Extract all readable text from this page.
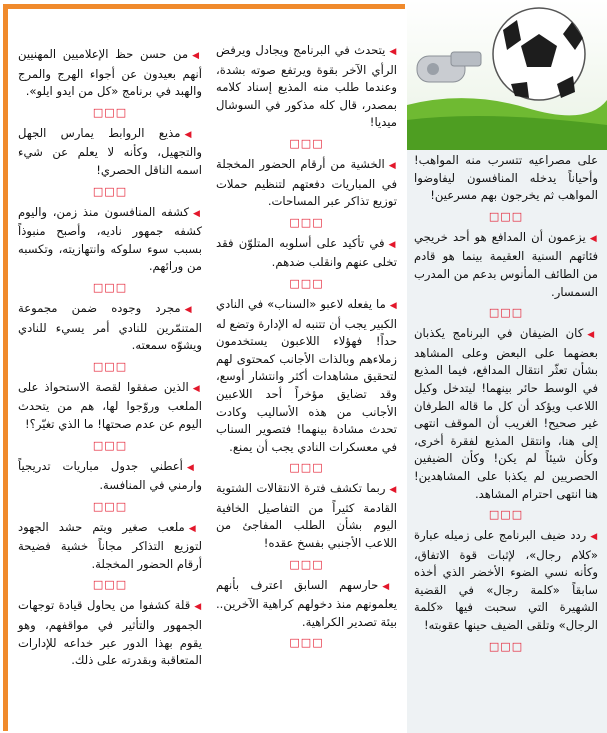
على مصراعيه تتسرب منه المواهب! وأحياناً يدخله المنافسون ليفاوضوا المواهب ثم يخرجون بهم مسرعين!

□□□

◀يزعمون أن المدافع هو أحد خريجي فئاتهم السنية العقيمة بينما هو قادم من الطائف المأنوس بدعم من المدرب السمسار.

□□□

◀كان الضيفان في البرنامج يكذبان بعضهما على البعض وعلى المشاهد بشأن تعثّر انتقال المدافع، فيما المذيع في الوسط حائر بينهما! ليتدخل وكيل اللاعب ويؤكد أن كل ما قاله الطرفان غير صحيح! الغريب أن الموقف انتهى إلى هنا، وانتقل المذيع لفقرة أخرى، وكأن شيئاً لم يكن! وكأن الضيفين الحصريين لم يكذبا على المشاهدين! هنا انتهى احترام المشاهد.

□□□

◀ردد ضيف البرنامج على زميله عبارة «كلام رجال»، لإثبات قوة الاتفاق، وكأنه نسي الضوء الأخضر الذي أخذه سابقاً «كلمة رجال» في القضية الشهيرة التي سحبت فيها «كلمة الرجال» وتلقى الضيف حينها عقوبته!

□□□

◀يتحدث في البرنامج ويجادل ويرفض الرأي الآخر بقوة ويرتفع صوته بشدة، وعندما طلب منه المذيع إسناد كلامه بمصدر، قال كله مذكور في السوشال ميديا!

□□□

◀الخشية من أرقام الحضور المخجلة في المباريات دفعتهم لتنظيم حملات توزيع تذاكر عبر المساحات.

□□□

◀في تأكيد على أسلوبه المتلوّن فقد تخلى عنهم وانقلب ضدهم.

□□□

◀ما يفعله لاعبو «السناب» في النادي الكبير يجب أن تتنبه له الإدارة وتضع له حداً! فهؤلاء اللاعبون يستخدمون زملاءهم وبالذات الأجانب كمحتوى لهم لتحقيق مشاهدات أكثر وانتشار أوسع، وقد تضايق مؤخراً أحد اللاعبين الأجانب من هذه الأساليب وكادت تحدث مشادة بينهما! فتصوير السناب في معسكرات النادي يجب أن يمنع.

□□□

◀ربما تكشف فترة الانتقالات الشتوية القادمة كثيراً من التفاصيل الخافية اليوم بشأن الطلب المفاجئ من اللاعب الأجنبي بفسخ عقده!

□□□

◀حارسهم السابق اعترف بأنهم يعلمونهم منذ دخولهم كراهية الآخرين.. بيئة تصدير الكراهية.

□□□

◀من حسن حظ الإعلاميين المهنيين أنهم بعيدون عن أجواء الهرج والمرج والهبد في برنامج «كل من ايدو ايلو».

□□□

◀مذيع الروابط يمارس الجهل والتجهيل، وكأنه لا يعلم عن شيء اسمه الناقل الحصري!

□□□

◀كشفه المنافسون منذ زمن، واليوم كشفه جمهور ناديه، وأصبح منبوذاً بسبب سوء سلوكه وانتهازيته، وتكسبه من ورائهم.

□□□

◀مجرد وجوده ضمن مجموعة المتنمّرين للنادي أمر يسيء للنادي ويشوّه سمعته.

□□□

◀الذين صفقوا لقصة الاستحواذ على الملعب وروّجوا لها، هم من يتحدث اليوم عن عدم صحتها! ما الذي تغيّر؟!

□□□

◀أعطني جدول مباريات تدريجياً وارمني في المنافسة.

□□□

◀ملعب صغير ويتم حشد الجهود لتوزيع التذاكر مجاناً خشية فضيحة أرقام الحضور المخجلة.

□□□

◀قلة كشفوا من يحاول قيادة توجهات الجمهور والتأثير في مواقفهم، وهو يقوم بهذا الدور عبر خداعه للإدارات المتعاقبة وبقدرته على ذلك.
